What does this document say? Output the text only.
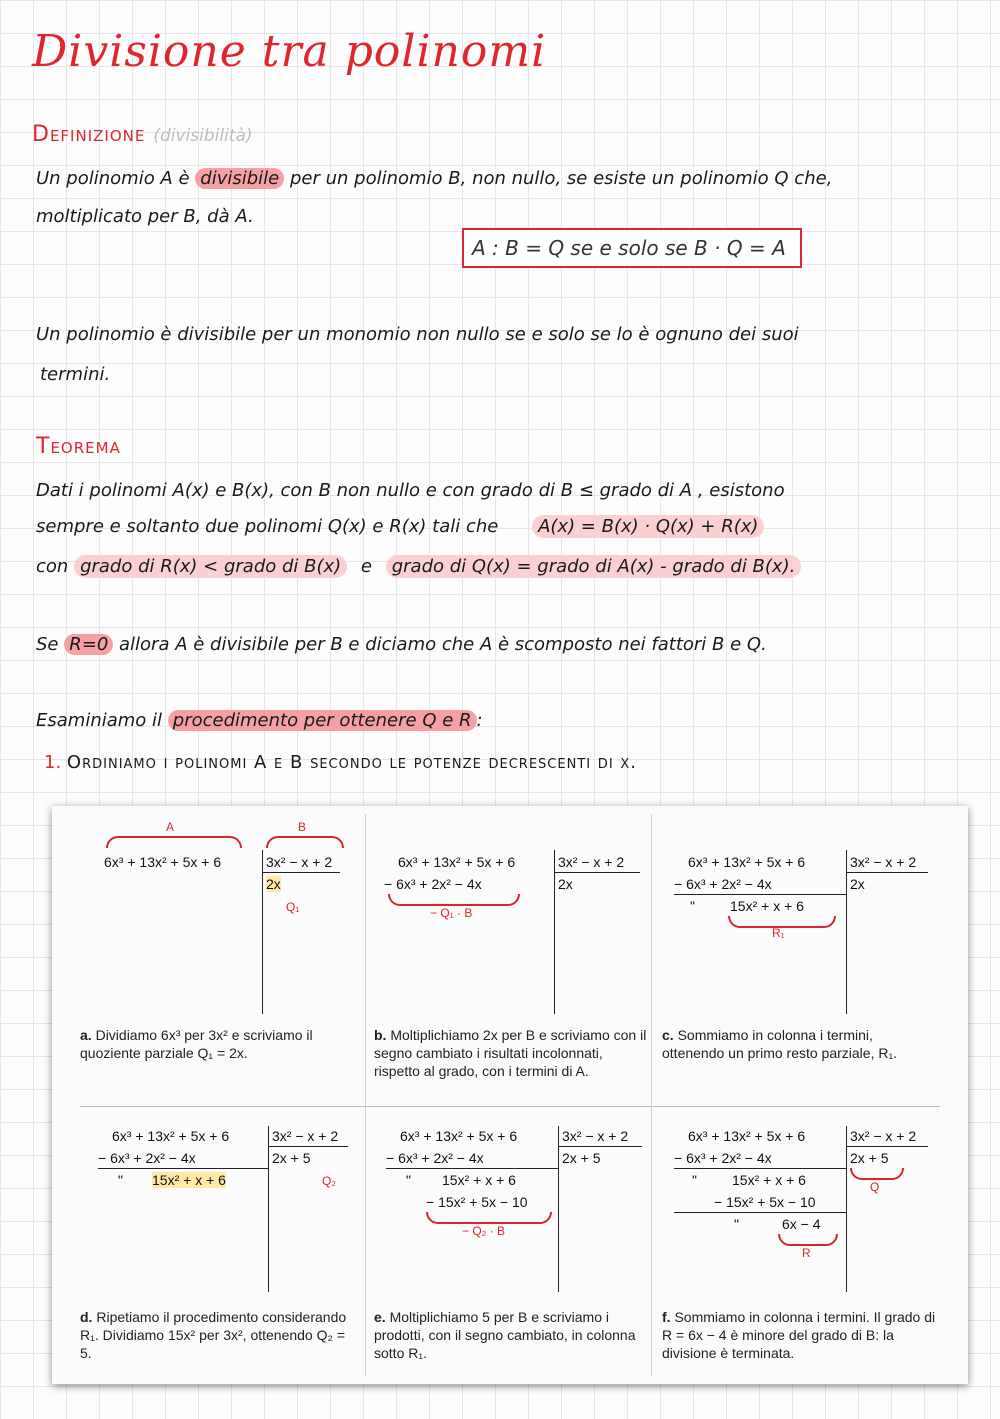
Divisione tra polinomi
Definizione (divisibilità)
Un polinomio A è divisibile per un polinomio B, non nullo, se esiste un polinomio Q che,
moltiplicato per B, dà A.
A : B = Q se e solo se B · Q = A
Un polinomio è divisibile per un monomio non nullo se e solo se lo è ognuno dei suoi
termini.
Teorema
Dati i polinomi A(x) e B(x), con B non nullo e con grado di B ≤ grado di A , esistono
sempre e soltanto due polinomi Q(x) e R(x) tali che A(x) = B(x) · Q(x) + R(x)
con grado di R(x) < grado di B(x) e grado di Q(x) = grado di A(x) - grado di B(x).
Se R=0 allora A è divisibile per B e diciamo che A è scomposto nei fattori B e Q.
Esaminiamo il procedimento per ottenere Q e R :
1. Ordiniamo i polinomi A e B secondo le potenze decrescenti di x.
A	B
6x³ + 13x² + 5x + 6	3x² − x + 2
2x
Q₁
a. Dividiamo 6x³ per 3x² e scriviamo il quoziente parziale Q₁ = 2x.
6x³ + 13x² + 5x + 6
− 6x³ + 2x² − 4x
− Q₁ · B
3x² − x + 2
2x
b. Moltiplichiamo 2x per B e scriviamo con il segno cambiato i risultati incolonnati, rispetto al grado, con i termini di A.
6x³ + 13x² + 5x + 6
− 6x³ + 2x² − 4x
"	15x² + x + 6
R₁
3x² − x + 2
2x
c. Sommiamo in colonna i termini, ottenendo un primo resto parziale, R₁.
6x³ + 13x² + 5x + 6
− 6x³ + 2x² − 4x
" 15x² + x + 6
3x² − x + 2
2x + 5
Q₂
d. Ripetiamo il procedimento considerando R₁. Dividiamo 15x² per 3x², ottenendo Q₂ = 5.
6x³ + 13x² + 5x + 6
− 6x³ + 2x² − 4x
" 15x² + x + 6
− 15x² + 5x − 10
− Q₂ · B
3x² − x + 2
2x + 5
e. Moltiplichiamo 5 per B e scriviamo i prodotti, con il segno cambiato, in colonna sotto R₁.
6x³ + 13x² + 5x + 6
− 6x³ + 2x² − 4x
"	15x² + x + 6
− 15x² + 5x − 10
"	6x − 4
R
3x² − x + 2
2x + 5
Q
f. Sommiamo in colonna i termini. Il grado di R = 6x − 4 è minore del grado di B: la divisione è terminata.
